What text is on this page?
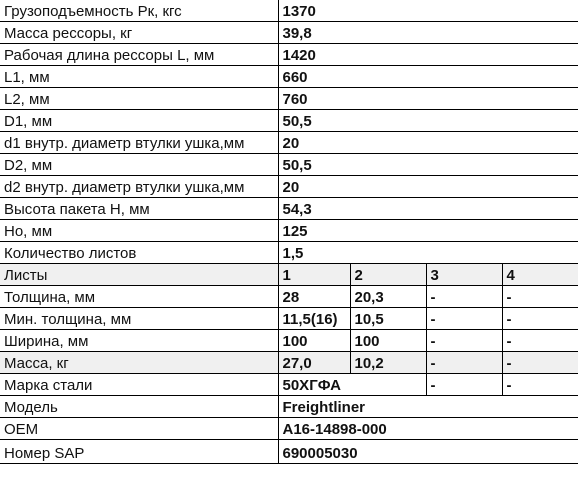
Грузоподъемность Рк, кгс	1370			
Масса рессоры, кг	39,8			
Рабочая длина рессоры L, мм	1420			
L1, мм	660			
L2, мм	760			
D1, мм	50,5			
d1 внутр. диаметр втулки ушка,мм	20			
D2, мм	50,5			
d2 внутр. диаметр втулки ушка,мм	20			
Высота пакета Н, мм	54,3			
Но, мм	125			
Количество листов	1,5			
Листы	1	2	3	4
Толщина, мм	28	20,3	-	-
Мин. толщина, мм	11,5(16)	10,5	-	-
Ширина, мм	100	100	-	-
Масса, кг	27,0	10,2	-	-
Марка стали	50ХГФА		-	-
Модель	Freightliner			
OEM	A16-14898-000			
Номер SAP	690005030			
